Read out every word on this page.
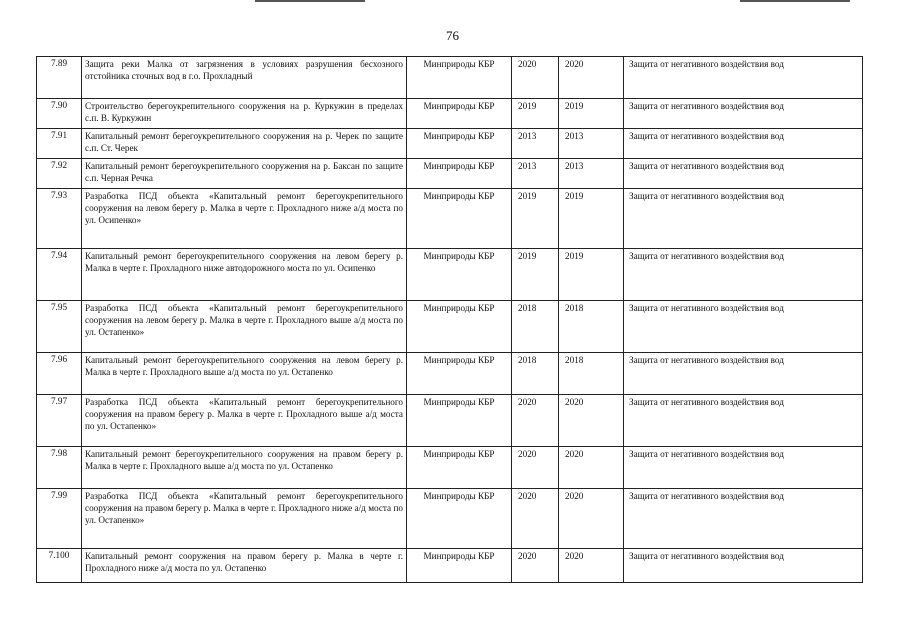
76
7.89	Защита реки Малка от загрязнения в условиях разрушения бесхозного отстойника сточных вод в г.о. Прохладный	Минприроды КБР	2020	2020	Защита от негативного воздействия вод
7.90	Строительство берегоукрепительного сооружения на р. Куркужин в пределах с.п. В. Куркужин	Минприроды КБР	2019	2019	Защита от негативного воздействия вод
7.91	Капитальный ремонт берегоукрепительного сооружения на р. Черек по защите с.п. Ст. Черек	Минприроды КБР	2013	2013	Защита от негативного воздействия вод
7.92	Капитальный ремонт берегоукрепительного сооружения на р. Баксан по защите с.п. Черная Речка	Минприроды КБР	2013	2013	Защита от негативного воздействия вод
7.93	Разработка ПСД объекта «Капитальный ремонт берегоукрепительного сооружения на левом берегу р. Малка в черте г. Прохладного ниже а/д моста по ул. Осипенко»	Минприроды КБР	2019	2019	Защита от негативного воздействия вод
7.94	Капитальный ремонт берегоукрепительного сооружения на левом берегу р. Малка в черте г. Прохладного ниже автодорожного моста по ул. Осипенко	Минприроды КБР	2019	2019	Защита от негативного воздействия вод
7.95	Разработка ПСД объекта «Капитальный ремонт берегоукрепительного сооружения на левом берегу р. Малка в черте г. Прохладного выше а/д моста по ул. Остапенко»	Минприроды КБР	2018	2018	Защита от негативного воздействия вод
7.96	Капитальный ремонт берегоукрепительного сооружения на левом берегу р. Малка в черте г. Прохладного выше а/д моста по ул. Остапенко	Минприроды КБР	2018	2018	Защита от негативного воздействия вод
7.97	Разработка ПСД объекта «Капитальный ремонт берегоукрепительного сооружения на правом берегу р. Малка в черте г. Прохладного выше а/д моста по ул. Остапенко»	Минприроды КБР	2020	2020	Защита от негативного воздействия вод
7.98	Капитальный ремонт берегоукрепительного сооружения на правом берегу р. Малка в черте г. Прохладного выше а/д моста по ул. Остапенко	Минприроды КБР	2020	2020	Защита от негативного воздействия вод
7.99	Разработка ПСД объекта «Капитальный ремонт берегоукрепительного сооружения на правом берегу р. Малка в черте г. Прохладного ниже а/д моста по ул. Остапенко»	Минприроды КБР	2020	2020	Защита от негативного воздействия вод
7.100	Капитальный ремонт сооружения на правом берегу р. Малка в черте г. Прохладного ниже а/д моста по ул. Остапенко	Минприроды КБР	2020	2020	Защита от негативного воздействия вод
